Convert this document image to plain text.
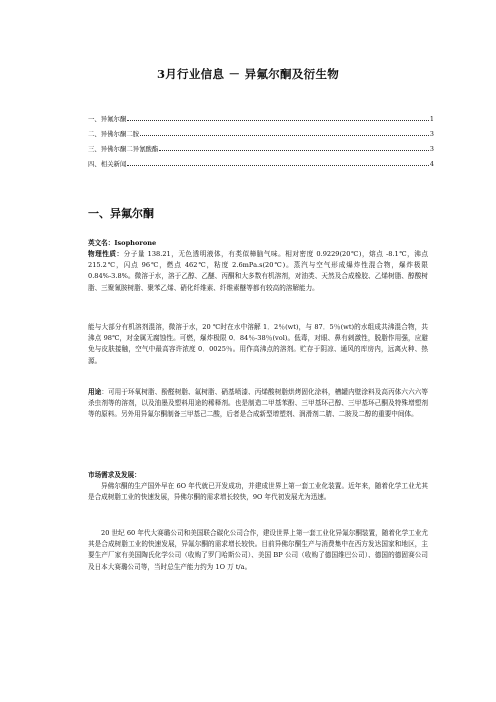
3月行业信息 － 异氟尔酮及衍生物
一、异氟尔酮	1
二、异佛尔酮二胺	3
三、异佛尔酮二异氰酸酯	3
四、相关新闻	4
一、异氟尔酮
英文名：Isophorone
物理性质：分子量 138.21，无色透明液体，有类似樟脑气味。相对密度 0.9229(20℃)，熔点 -8.1℃，沸点 215.2℃，闪点 96℃，燃点 462℃，粘度 2.6mPa.s(20℃)。蒸汽与空气形成爆炸性混合物，爆炸极限 0.84%-3.8%。微溶于水，溶于乙醇、乙醚、丙酮和大多数有机溶剂，对油类、天然及合成橡胶、乙烯树脂、醇酸树脂、三聚氰胺树脂、聚苯乙烯、硝化纤维素、纤维素醚等都有较高的溶解能力。
能与大部分有机溶剂混溶，微溶于水，20 ℃时在水中溶解 1．2％(wt)，与 87．5％(wt)的水组成共沸混合物，共沸点 98℃，对金属无腐蚀性。可燃，爆炸极限 0．84％-38％(vol)。低毒，对眼、鼻有刺激性，脱脂作用强，应避免与皮肤接触，空气中最高容许浓度 0．0025％。用作高沸点的溶剂。贮存于阴凉、通风的库房内，远离火种、热源。
用途：可用于环氧树脂、酚醛树脂、氟树脂、硝基喷漆、丙烯酸树脂烘烤固化涂料，槽罐内壁涂料及高丙体六六六等杀虫剂等的溶剂，以及油墨及塑料用途的稀释剂。也是制造二甲基苯酚、三甲基环己醇、三甲基环己酮及特殊增塑剂等的原料。另外用异氟尔酮制备三甲基己二酸，后者是合成新型增塑剂、润滑剂二腈、二胺及二醇的重要中间体。
市场需求及发展：
异佛尔酮的生产国外早在 6O 年代就已开发成功，并建成世界上第一套工业化装置。近年来，随着化学工业尤其是合成树脂工业的快速发展，异佛尔酮的需求增长较快，9O 年代初发展尤为迅速。
20 世纪 60 年代大赛璐公司和美国联合碳化公司合作，建设世界上第一套工业化异氟尔酮装置，随着化学工业尤其是合成树脂工业的快速发展，异氟尔酮的需求增长较快。目前异佛尔酮生产与消费集中在西方发达国家和地区，主要生产厂家有美国陶氏化学公司（收购了罗门哈斯公司）、美国 BP 公司（收购了德国维巴公司）、德国的德固赛公司及日本大赛璐公司等，当时总生产能力约为 1O 万 t/a。
